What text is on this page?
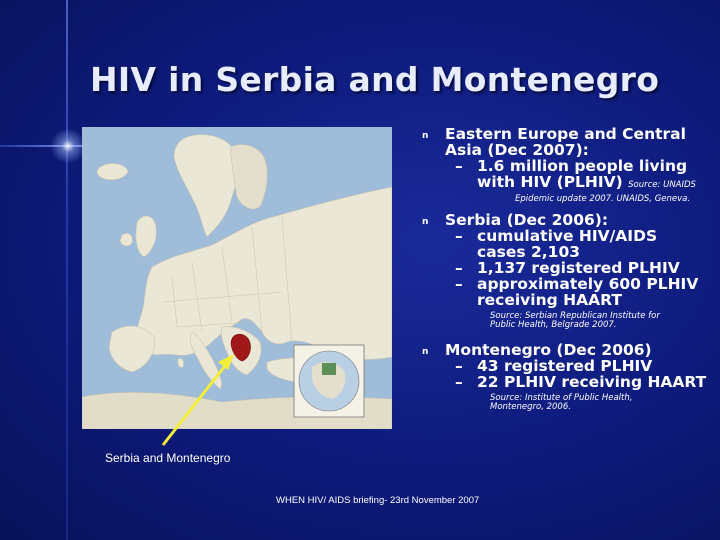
HIV in Serbia and Montenegro
n Eastern Europe and Central Asia (Dec 2007):
– 1.6 million people living with HIV (PLHIV) Source: UNAIDS
Epidemic update 2007. UNAIDS, Geneva.
n Serbia (Dec 2006):
– cumulative HIV/AIDS cases 2,103
– 1,137 registered PLHIV
– approximately 600 PLHIV receiving HAART
Source: Serbian Republican Institute for Public Health, Belgrade 2007.
n Montenegro (Dec 2006)
– 43 registered PLHIV
– 22 PLHIV receiving HAART
Source: Institute of Public Health, Montenegro, 2006.
Serbia and Montenegro
WHEN HIV/ AIDS briefing- 23rd November 2007
